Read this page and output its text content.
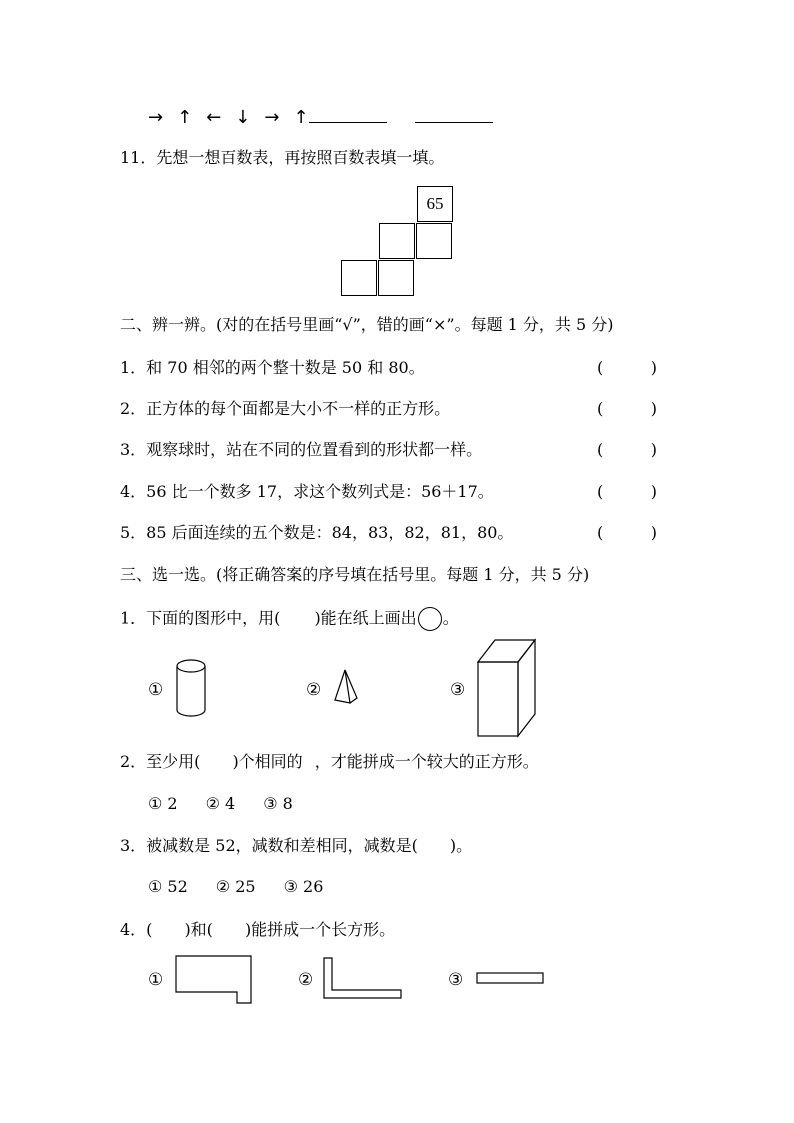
→ ↑ ← ↓ → ↑
11．先想一想百数表，再按照百数表填一填。
65
二、辨一辨。(对的在括号里画“√”，错的画“×”。每题 1 分，共 5 分)
1．和 70 相邻的两个整十数是 50 和 80。	(	)
2．正方体的每个面都是大小不一样的正方形。	(	)
3．观察球时，站在不同的位置看到的形状都一样。	(	)
4．56 比一个数多 17，求这个数列式是：56＋17。	(	)
5．85 后面连续的五个数是：84，83，82，81，80。	(	)
三、选一选。(将正确答案的序号填在括号里。每题 1 分，共 5 分)
1．下面的图形中，用( )能在纸上画出 。
①	②	③
2．至少用( )个相同的 ，才能拼成一个较大的正方形。
① 2 ② 4 ③ 8
3．被减数是 52，减数和差相同，减数是( )。
① 52 ② 25 ③ 26
4．( )和( )能拼成一个长方形。
①	②	③
